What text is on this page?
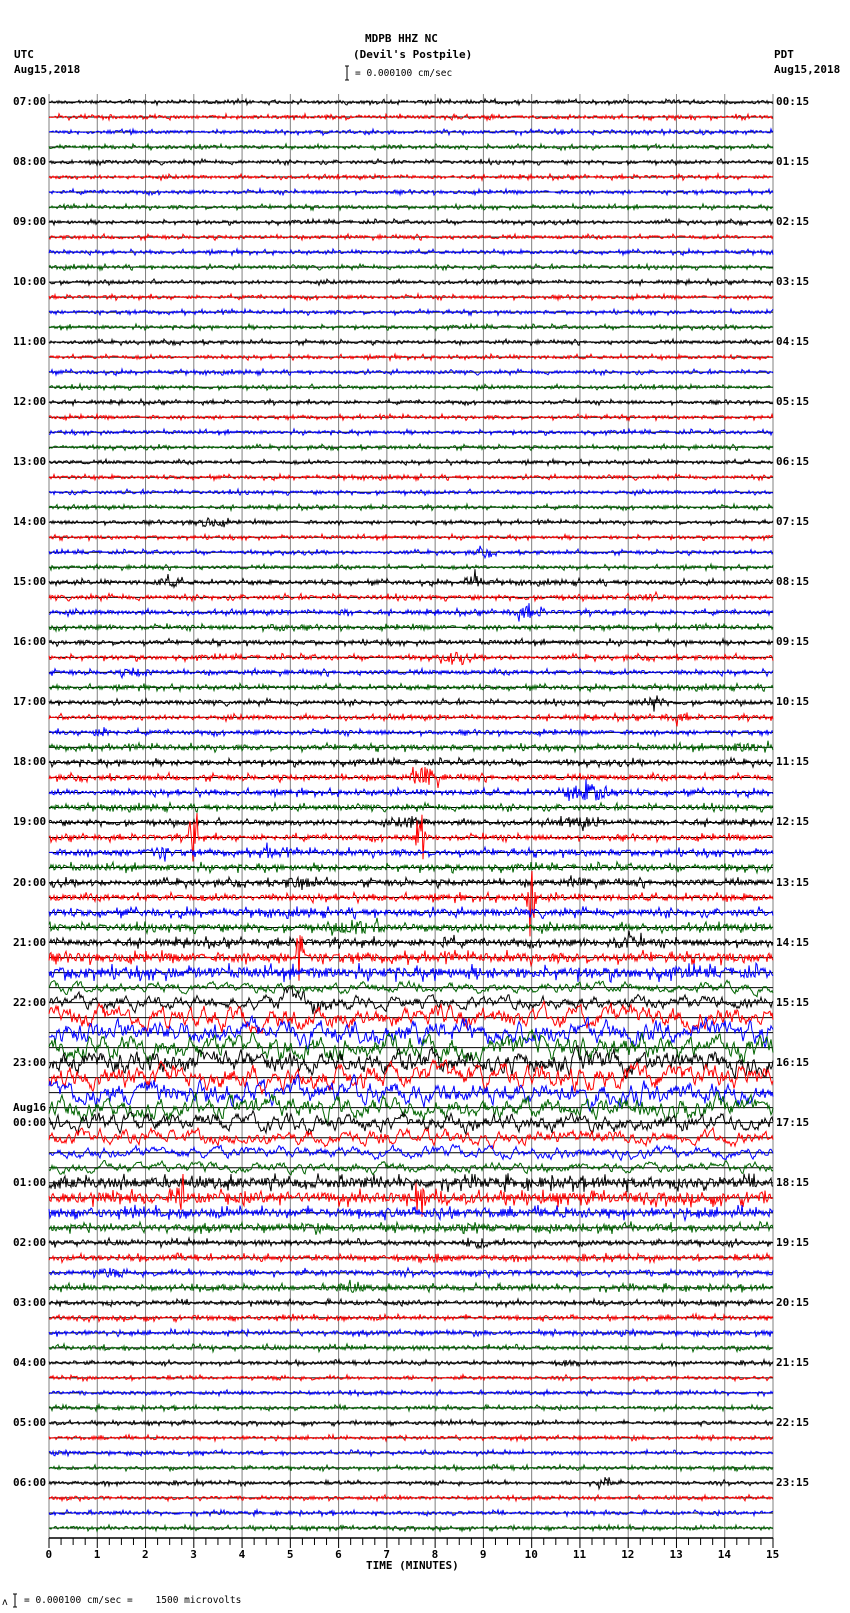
MDPB HHZ NC
(Devil's Postpile)
= 0.000100 cm/sec
UTC
Aug15,2018
PDT
Aug15,2018
07:00
08:00
09:00
10:00
11:00
12:00
13:00
14:00
15:00
16:00
17:00
18:00
19:00
20:00
21:00
22:00
23:00
Aug16
00:00
01:00
02:00
03:00
04:00
05:00
06:00
00:15
01:15
02:15
03:15
04:15
05:15
06:15
07:15
08:15
09:15
10:15
11:15
12:15
13:15
14:15
15:15
16:15
17:15
18:15
19:15
20:15
21:15
22:15
23:15
0	1	2	3	4	5	6	7	8	9	10	11	12	13	14	15
TIME (MINUTES)
ʌ = 0.000100 cm/sec =    1500 microvolts
